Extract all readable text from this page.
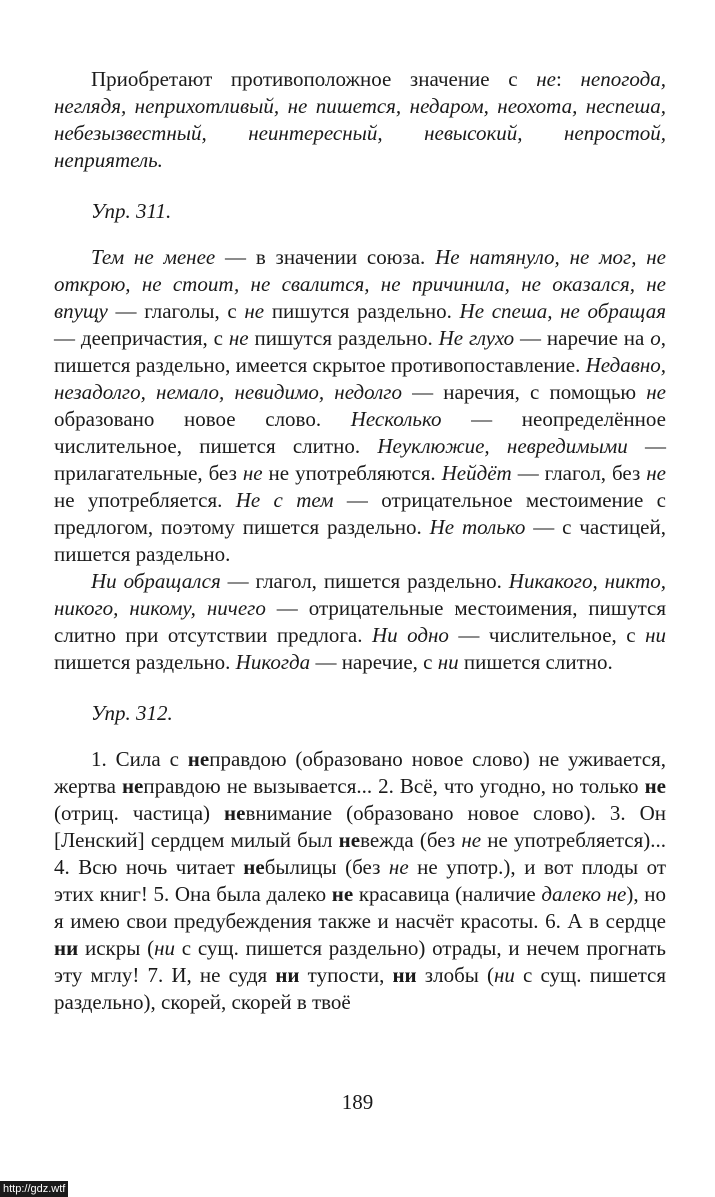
Приобретают противоположное значение с не: непогода, неглядя, неприхотливый, не пишется, недаром, неохота, неспеша, небезызвестный, неинтересный, невысокий, непростой, неприятель.

Упр. 311.

Тем не менее — в значении союза. Не натянуло, не мог, не открою, не стоит, не свалится, не причинила, не оказался, не впущу — глаголы, с не пишутся раздельно. Не спеша, не обращая — деепричастия, с не пишутся раздельно. Не глухо — наречие на о, пишется раздельно, имеется скрытое противопоставление. Недавно, незадолго, немало, невидимо, недолго — наречия, с помощью не образовано новое слово. Несколько — неопределённое числительное, пишется слитно. Неуклюжие, невредимыми — прилагательные, без не не употребляются. Нейдёт — глагол, без не не употребляется. Не с тем — отрицательное местоимение с предлогом, поэтому пишется раздельно. Не только — с частицей, пишется раздельно.

Ни обращался — глагол, пишется раздельно. Никакого, никто, никого, никому, ничего — отрицательные местоимения, пишутся слитно при отсутствии предлога. Ни одно — числительное, с ни пишется раздельно. Никогда — наречие, с ни пишется слитно.

Упр. 312.

1. Сила с неправдою (образовано новое слово) не уживается, жертва неправдою не вызывается... 2. Всё, что угодно, но только не (отриц. частица) невнимание (образовано новое слово). 3. Он [Ленский] сердцем милый был невежда (без не не употребляется)... 4. Всю ночь читает небылицы (без не не употр.), и вот плоды от этих книг! 5. Она была далеко не красавица (наличие далеко не), но я имею свои предубеждения также и насчёт красоты. 6. А в сердце ни искры (ни с сущ. пишется раздельно) отрады, и нечем прогнать эту мглу! 7. И, не судя ни тупости, ни злобы (ни с сущ. пишется раздельно), скорей, скорей в твоё

189
http://gdz.wtf
